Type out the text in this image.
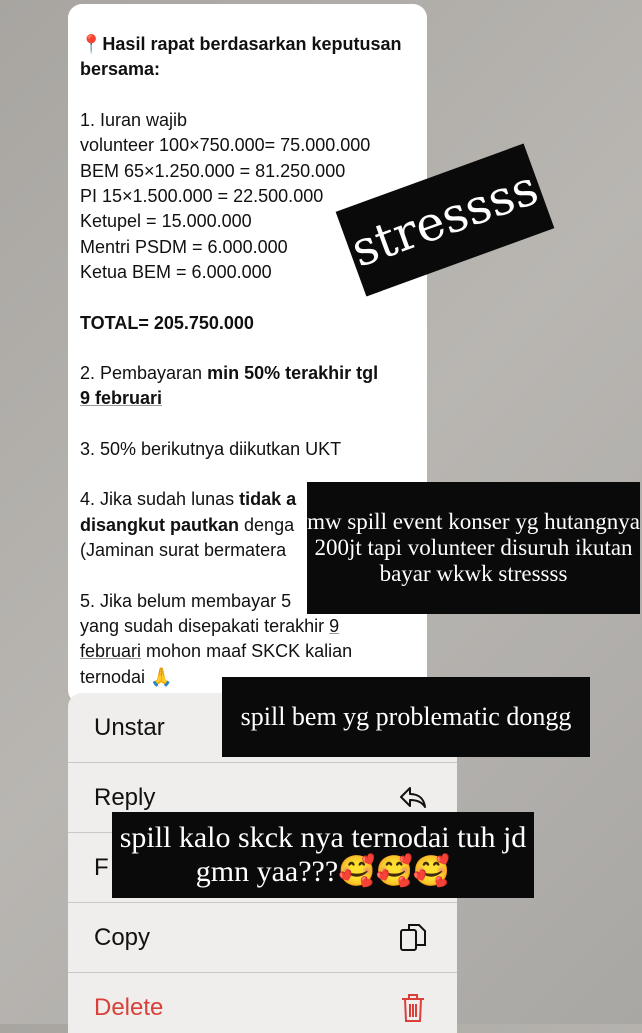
📍Hasil rapat berdasarkan keputusan bersama:

1. Iuran wajib

volunteer 100×750.000= 75.000.000

BEM 65×1.250.000 = 81.250.000

PI 15×1.500.000 = 22.500.000

Ketupel = 15.000.000

Mentri PSDM = 6.000.000

Ketua BEM = 6.000.000

TOTAL= 205.750.000

2. Pembayaran min 50% terakhir tgl

9 februari

3. 50% berikutnya diikutkan UKT

4. Jika sudah lunas tidak a

disangkut pautkan denga

(Jaminan surat bermatera

5. Jika belum membayar 5

yang sudah disepakati terakhir 9

februari mohon maaf SKCK kalian

ternodai 🙏

Unstar
Reply
F
Copy
Delete
stressss
mw spill event konser yg hutangnya 200jt tapi volunteer disuruh ikutan bayar wkwk stressss
spill bem yg problematic dongg
spill kalo skck nya ternodai tuh jd gmn yaa???🥰🥰🥰
